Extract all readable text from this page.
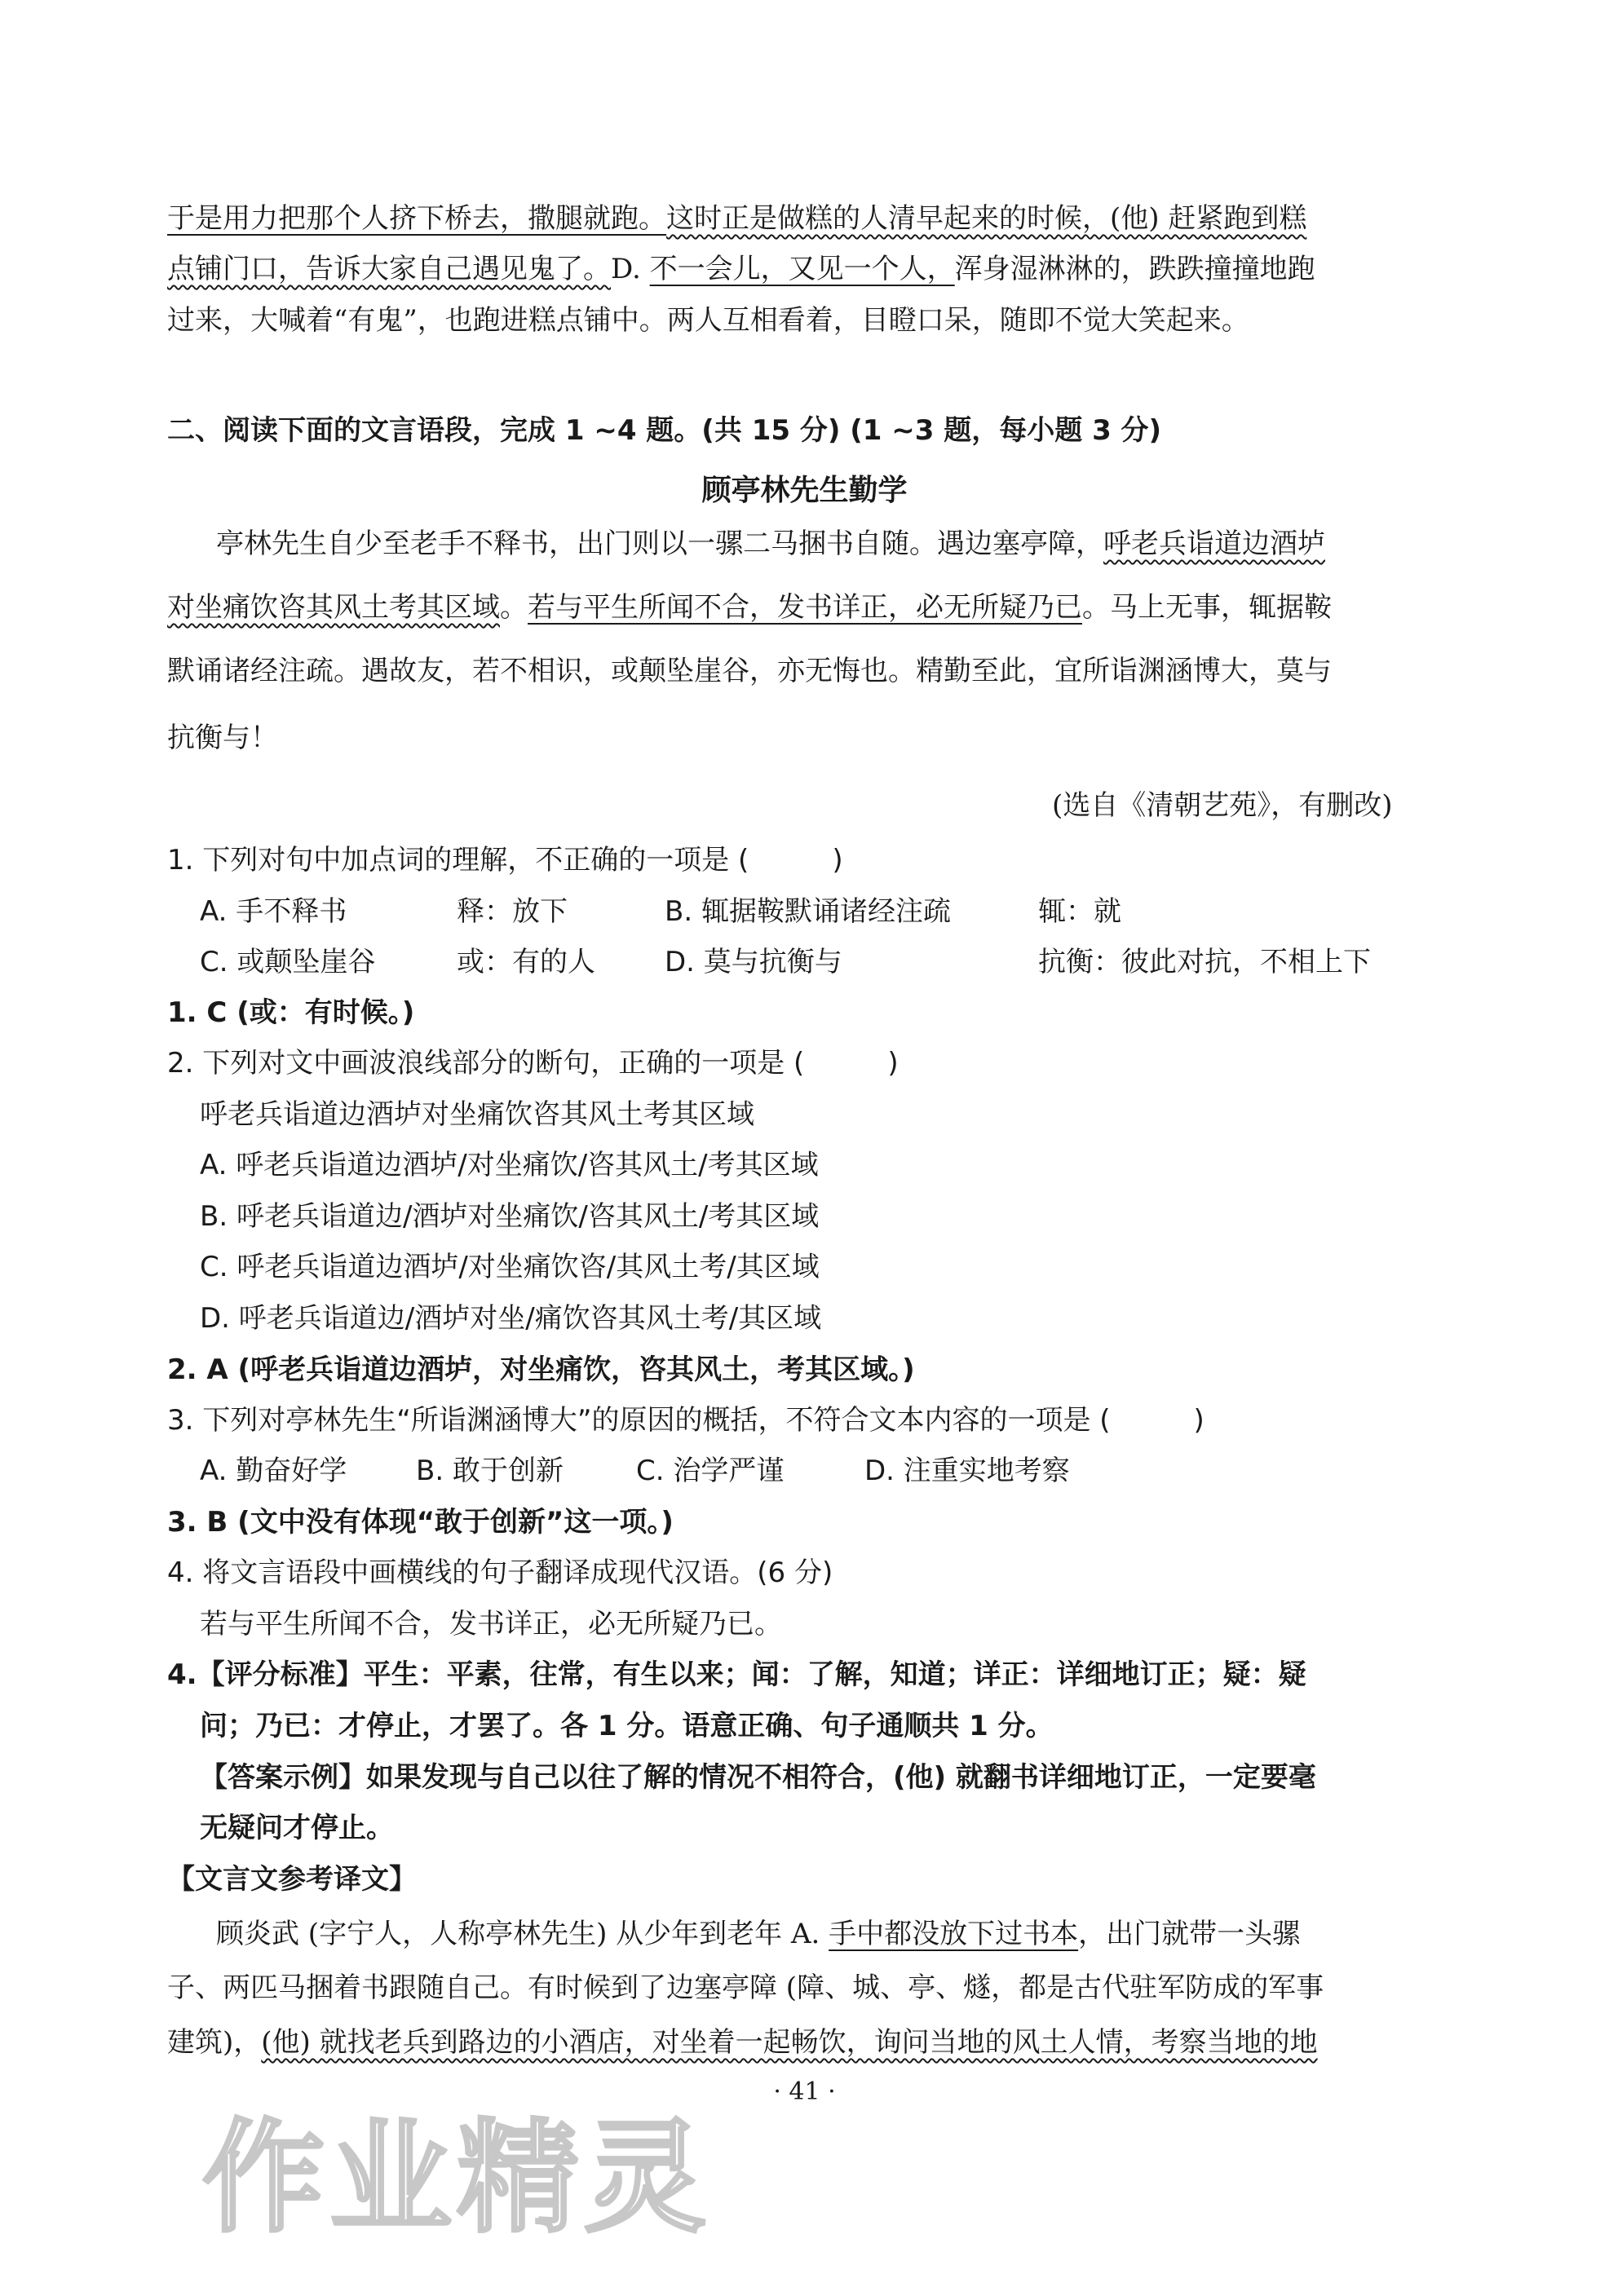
于是用力把那个人挤下桥去，撒腿就跑。这时正是做糕的人清早起来的时候，(他) 赶紧跑到糕
点铺门口，告诉大家自己遇见鬼了。D. 不一会儿，又见一个人，浑身湿淋淋的，跌跌撞撞地跑
过来，大喊着“有鬼”，也跑进糕点铺中。两人互相看着，目瞪口呆，随即不觉大笑起来。
二、阅读下面的文言语段，完成 1 ~4 题。(共 15 分) (1 ~3 题，每小题 3 分)
顾亭林先生勤学
亭林先生自少至老手不释书，出门则以一骡二马捆书自随。遇边塞亭障，呼老兵诣道边酒垆
对坐痛饮咨其风土考其区域。若与平生所闻不合，发书详正，必无所疑乃已。马上无事，辄据鞍
默诵诸经注疏。遇故友，若不相识，或颠坠崖谷，亦无悔也。精勤至此，宜所诣渊涵博大，莫与
抗衡与！
(选自《清朝艺苑》，有删改)
1. 下列对句中加点词的理解，不正确的一项是 (　　　)
A. 手不释书	释：放下	B. 辄据鞍默诵诸经注疏	辄：就
C. 或颠坠崖谷	或：有的人	D. 莫与抗衡与	抗衡：彼此对抗，不相上下
1. C (或：有时候。)
2. 下列对文中画波浪线部分的断句，正确的一项是 (　　　)
呼老兵诣道边酒垆对坐痛饮咨其风土考其区域
A. 呼老兵诣道边酒垆/对坐痛饮/咨其风土/考其区域
B. 呼老兵诣道边/酒垆对坐痛饮/咨其风土/考其区域
C. 呼老兵诣道边酒垆/对坐痛饮咨/其风土考/其区域
D. 呼老兵诣道边/酒垆对坐/痛饮咨其风土考/其区域
2. A (呼老兵诣道边酒垆，对坐痛饮，咨其风土，考其区域。)
3. 下列对亭林先生“所诣渊涵博大”的原因的概括，不符合文本内容的一项是 (　　　)
A. 勤奋好学 B. 敢于创新	C. 治学严谨	D. 注重实地考察
3. B (文中没有体现“敢于创新”这一项。)
4. 将文言语段中画横线的句子翻译成现代汉语。(6 分)
若与平生所闻不合，发书详正，必无所疑乃已。
4.【评分标准】平生：平素，往常，有生以来；闻：了解，知道；详正：详细地订正；疑：疑
问；乃已：才停止，才罢了。各 1 分。语意正确、句子通顺共 1 分。
【答案示例】如果发现与自己以往了解的情况不相符合，(他) 就翻书详细地订正，一定要毫
无疑问才停止。
【文言文参考译文】
顾炎武 (字宁人，人称亭林先生) 从少年到老年 A. 手中都没放下过书本，出门就带一头骡
子、两匹马捆着书跟随自己。有时候到了边塞亭障 (障、城、亭、燧，都是古代驻军防成的军事
建筑)，(他) 就找老兵到路边的小酒店，对坐着一起畅饮，询问当地的风土人情，考察当地的地
· 41 ·
作业精灵
